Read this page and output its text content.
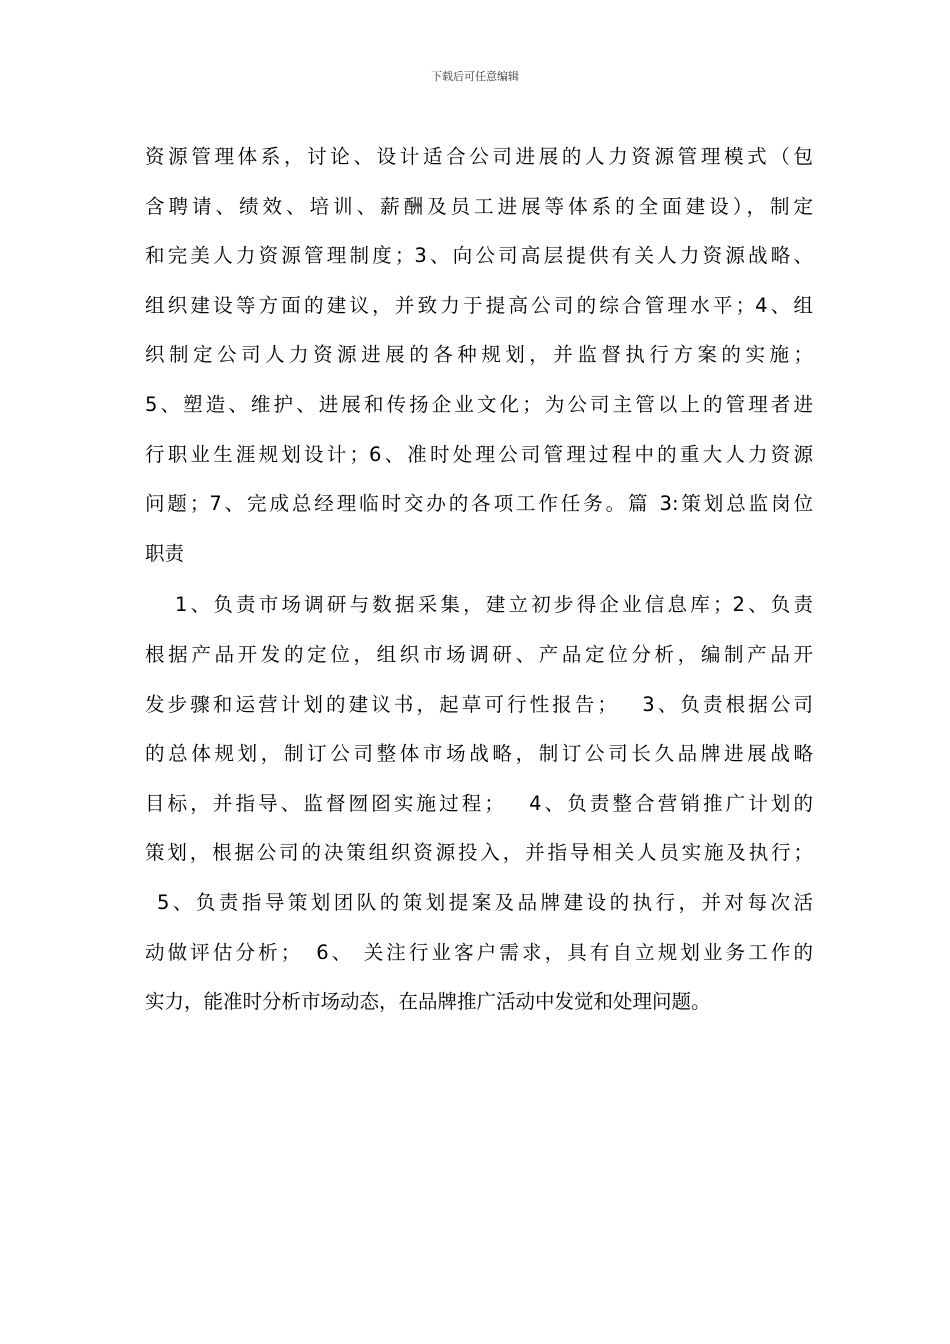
下载后可任意编辑
资源管理体系，讨论、设计适合公司进展的人力资源管理模式（包
含聘请、绩效、培训、薪酬及员工进展等体系的全面建设），制定
和完美人力资源管理制度；3、向公司高层提供有关人力资源战略、
组织建设等方面的建议，并致力于提高公司的综合管理水平；4、组
织制定公司人力资源进展的各种规划，并监督执行方案的实施；
5、塑造、维护、进展和传扬企业文化；为公司主管以上的管理者进
行职业生涯规划设计；6、准时处理公司管理过程中的重大人力资源
问题；7、完成总经理临时交办的各项工作任务。篇 3:策划总监岗位
职责
1、负责市场调研与数据采集，建立初步得企业信息库；2、负责
根据产品开发的定位，组织市场调研、产品定位分析，编制产品开
发步骤和运营计划的建议书，起草可行性报告；　 3、负责根据公司
的总体规划，制订公司整体市场战略，制订公司长久品牌进展战略
目标，并指导、监督囫囵实施过程；　 4、负责整合营销推广计划的
策划，根据公司的决策组织资源投入，并指导相关人员实施及执行；
5、负责指导策划团队的策划提案及品牌建设的执行，并对每次活
动做评估分析；　6、 关注行业客户需求，具有自立规划业务工作的
实力，能准时分析市场动态，在品牌推广活动中发觉和处理问题。
